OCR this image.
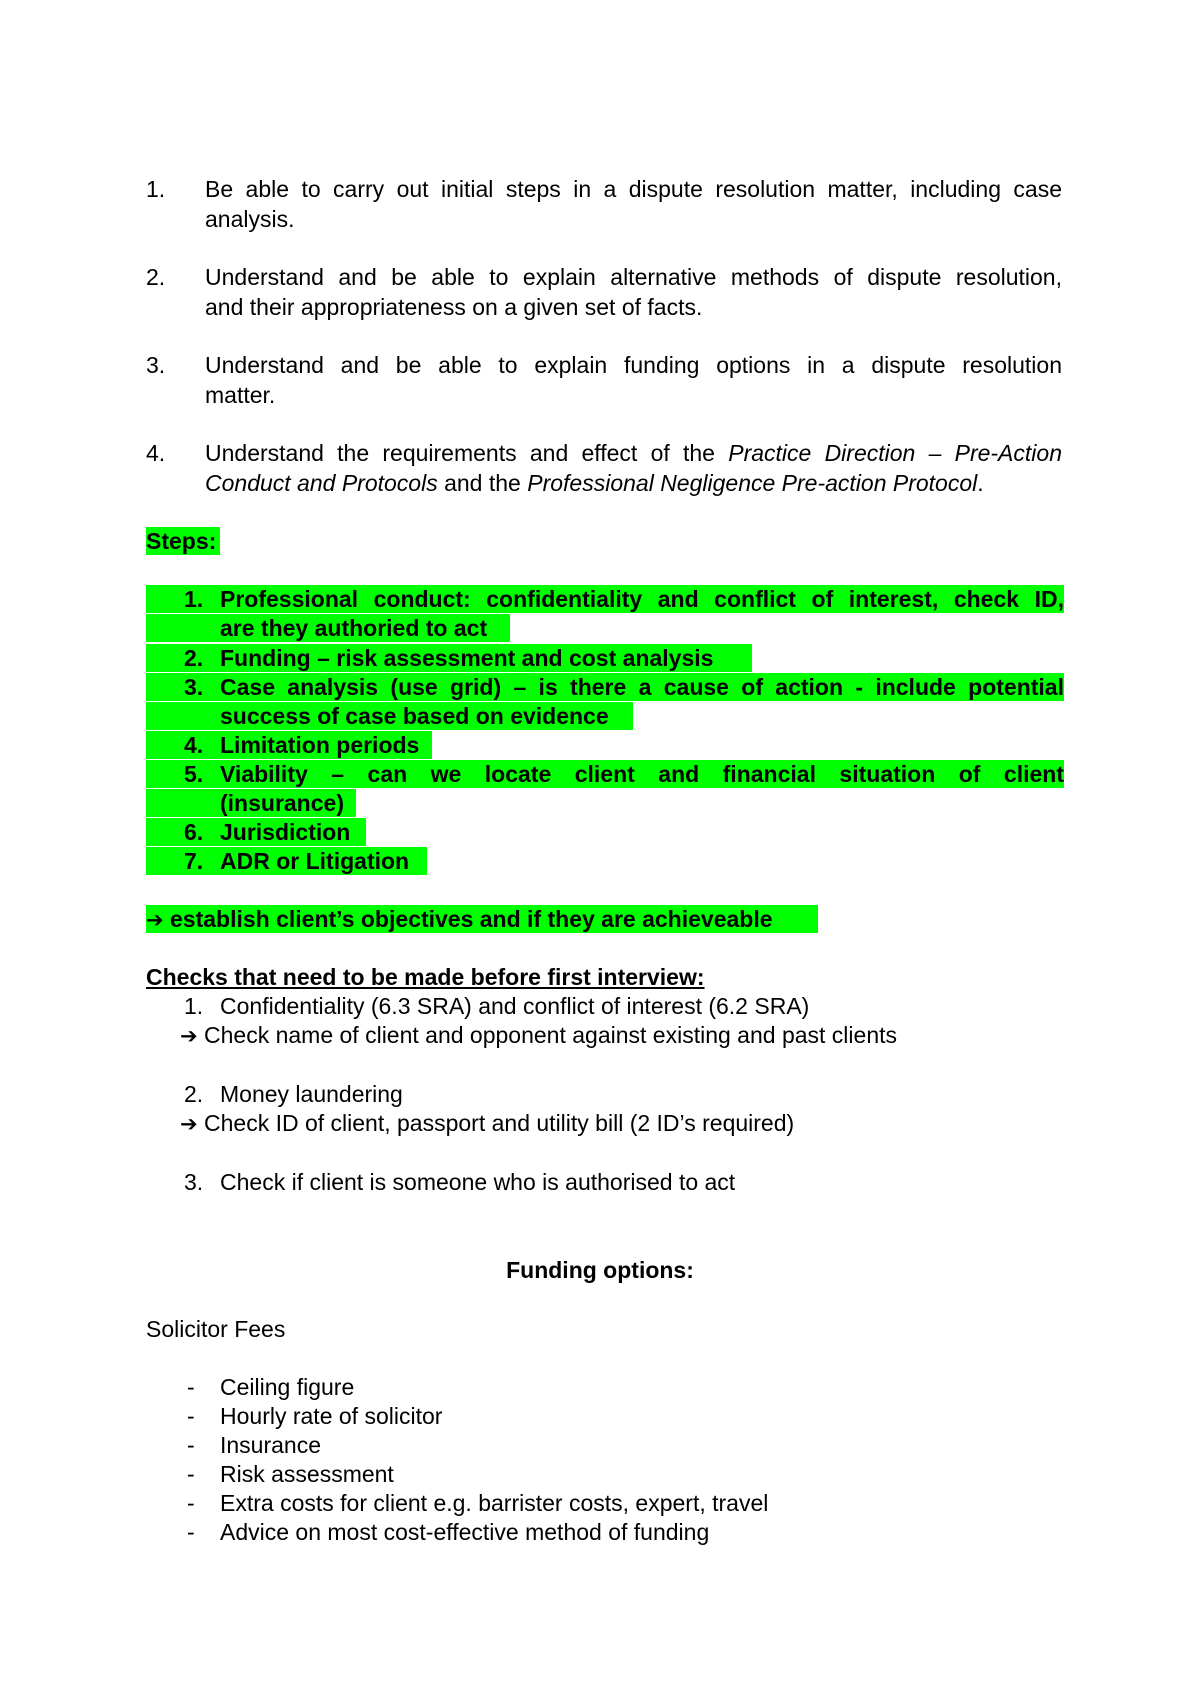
1. Be able to carry out initial steps in a dispute resolution matter, including case

analysis.

2. Understand and be able to explain alternative methods of dispute resolution,

and their appropriateness on a given set of facts.

3. Understand and be able to explain funding options in a dispute resolution

matter.

4. Understand the requirements and effect of the Practice Direction – Pre-Action

Conduct and Protocols and the Professional Negligence Pre-action Protocol.

Steps:

1. Professional conduct: confidentiality and conflict of interest, check ID,

are they authoried to act

2. Funding – risk assessment and cost analysis

3. Case analysis (use grid) – is there a cause of action - include potential

success of case based on evidence

4. Limitation periods

5. Viability – can we locate client and financial situation of client

(insurance)

6. Jurisdiction

7. ADR or Litigation

➔ establish client’s objectives and if they are achieveable

Checks that need to be made before first interview:

1. Confidentiality (6.3 SRA) and conflict of interest (6.2 SRA)

➔ Check name of client and opponent against existing and past clients

2. Money laundering

➔ Check ID of client, passport and utility bill (2 ID’s required)

3. Check if client is someone who is authorised to act

Funding options:

Solicitor Fees

- Ceiling figure

- Hourly rate of solicitor

- Insurance

- Risk assessment

- Extra costs for client e.g. barrister costs, expert, travel

- Advice on most cost-effective method of funding
